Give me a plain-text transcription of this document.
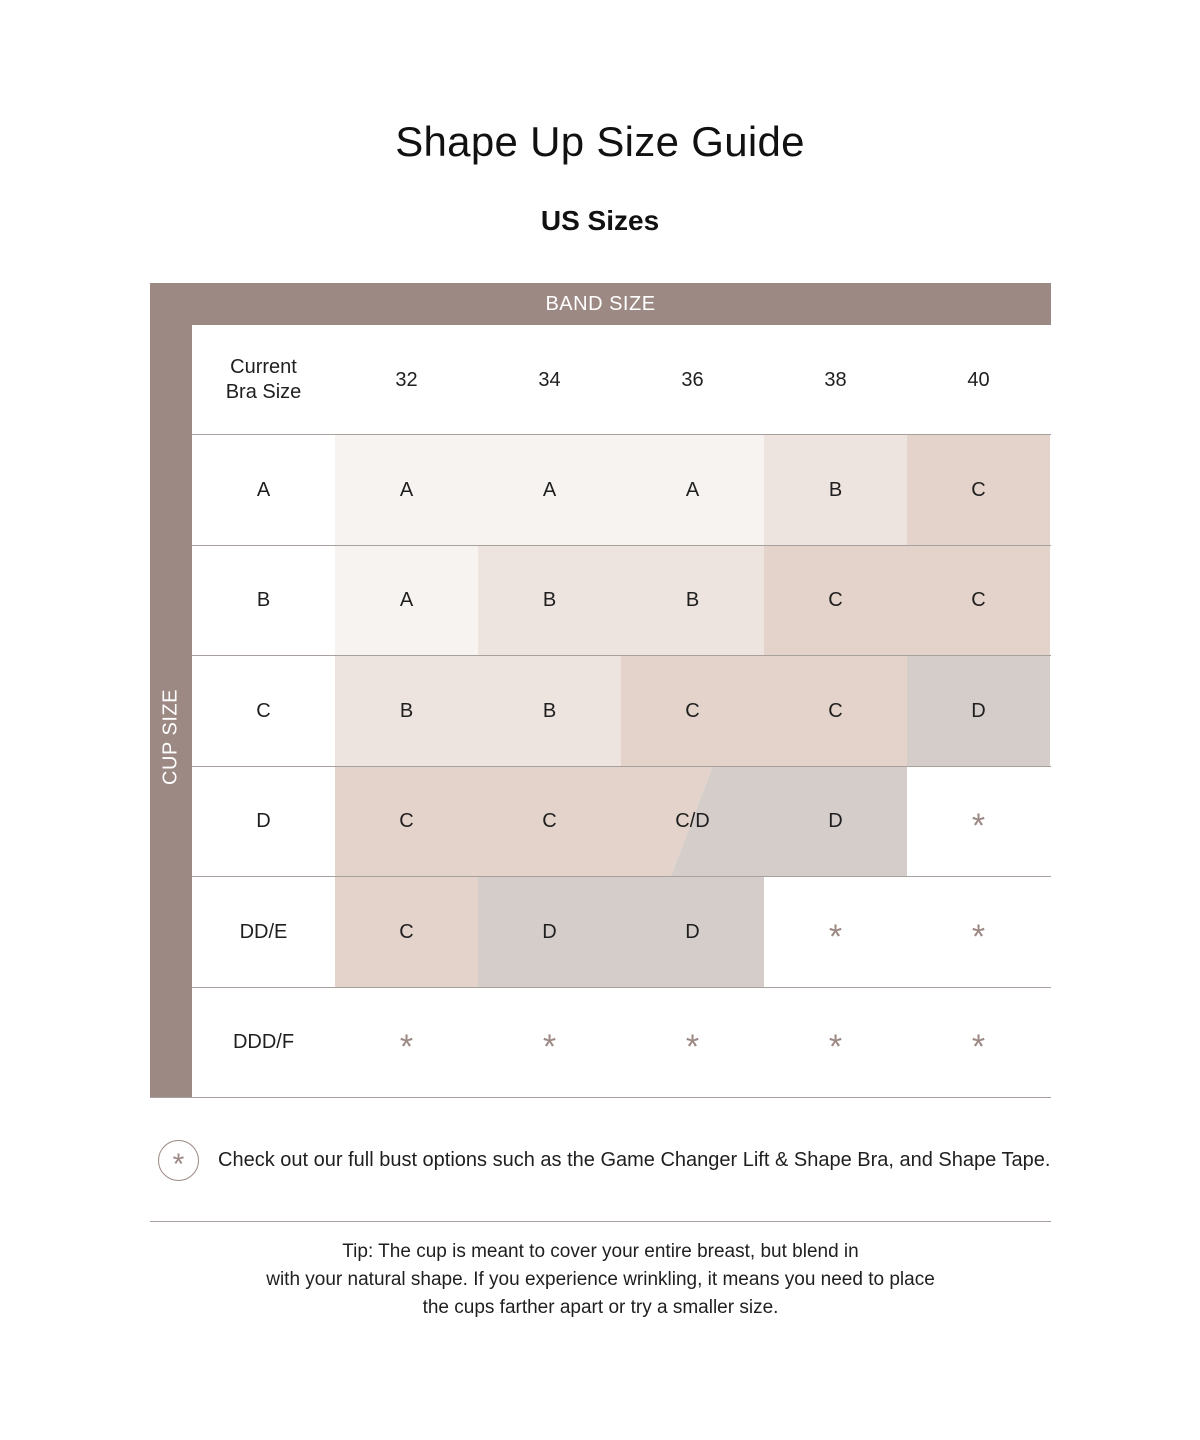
Shape Up Size Guide
US Sizes
BAND SIZE
CUP SIZE
Current
Bra Size
32	34	36	38	40
A	A	A	A	B	C
B	A	B	B	C	C
C	B	B	C	C	D
D	C	C	C/D	D	*
DD/E	C	D	D	*	*
DDD/F	*	*	*	*	*
*	Check out our full bust options such as the Game Changer Lift & Shape Bra, and Shape Tape.
Tip: The cup is meant to cover your entire breast, but blend in
with your natural shape. If you experience wrinkling, it means you need to place
the cups farther apart or try a smaller size.
